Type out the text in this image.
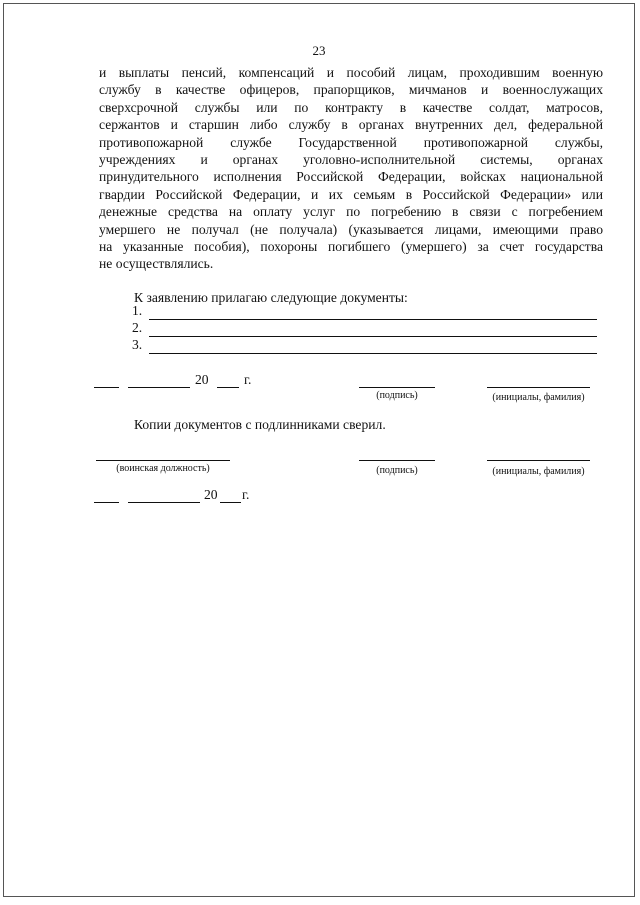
23
и выплаты пенсий, компенсаций и пособий лицам, проходившим военную
службу в качестве офицеров, прапорщиков, мичманов и военнослужащих
сверхсрочной службы или по контракту в качестве солдат, матросов,
сержантов и старшин либо службу в органах внутренних дел, федеральной
противопожарной службе Государственной противопожарной службы,
учреждениях и органах уголовно-исполнительной системы, органах
принудительного исполнения Российской Федерации, войсках национальной
гвардии Российской Федерации, и их семьям в Российской Федерации» или
денежные средства на оплату услуг по погребению в связи с погребением
умершего не получал (не получала) (указывается лицами, имеющими право
на указанные пособия), похороны погибшего (умершего) за счет государства
не осуществлялись.
К заявлению прилагаю следующие документы:
1.
2.
3.
20	г.
(подпись)	(инициалы, фамилия)
Копии документов с подлинниками сверил.
(воинская должность)	(подпись)	(инициалы, фамилия)
20 г.
